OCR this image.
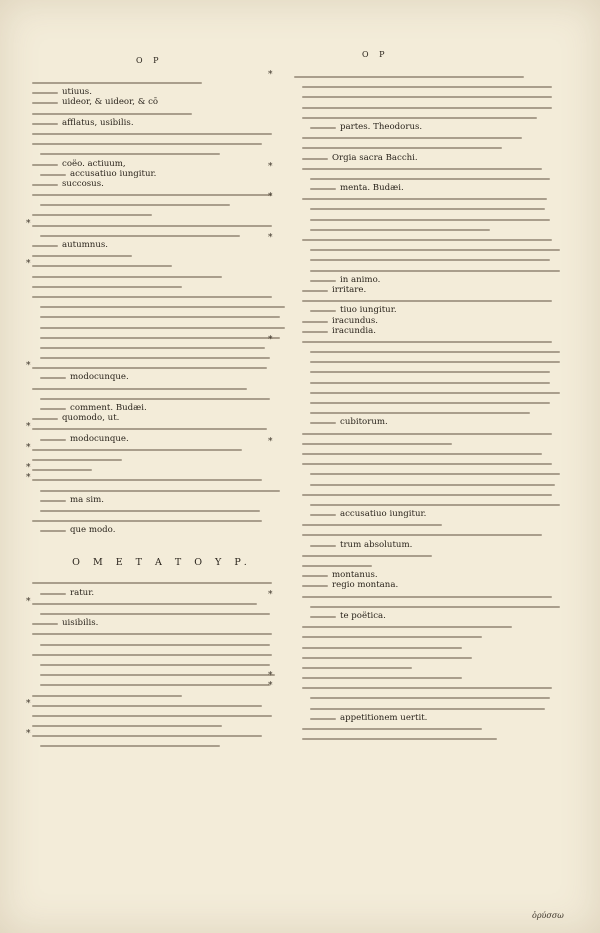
O P
O P
utiuus.
uideor, & uideor, & cō
afflatus, usibilis.
coëo. actiuum,
accusatiuo iungitur.
succosus.
*
autumnus.
*
*
modocunque.
comment. Budæi.
quomodo, ut.
*
modocunque.
*
*
*
ma sim.
que modo.
ratur.
*
uisibilis.
*
*
*
partes. Theodorus.
Orgia sacra Bacchi.
*
menta. Budæi.
*
*
in animo.
irritare.
tiuo iungitur.
iracundus.
iracundia.
*
cubitorum.
*
accusatiuo iungitur.
trum absolutum.
montanus.
regio montana.
*
te poëtica.
*
*
appetitionem uertit.
O M E T A T O Y P.
ὀρύσσω
